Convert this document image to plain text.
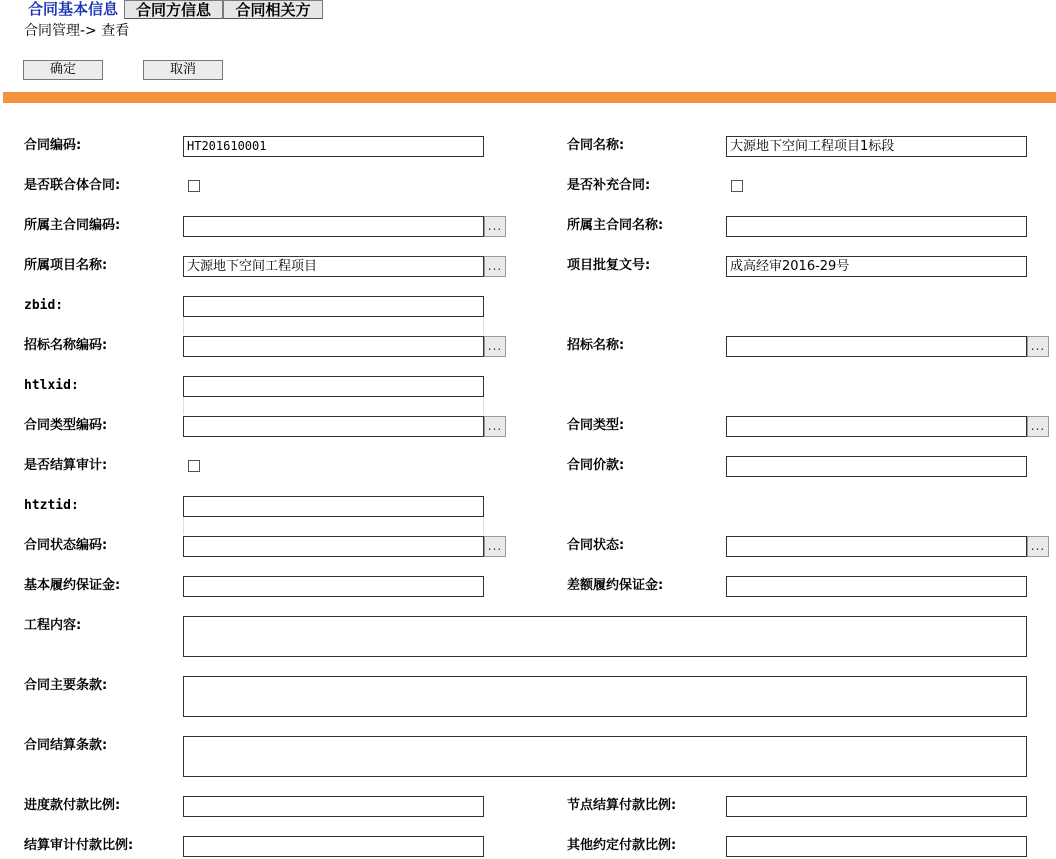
合同基本信息	合同方信息	合同相关方
合同管理-> 查看
确定	取消
合同编码:	HT201610001	合同名称:	大源地下空间工程项目1标段
是否联合体合同:	是否补充合同:
所属主合同编码:	...	所属主合同名称:
所属项目名称:	大源地下空间工程项目	...	项目批复文号:	成高经审2016-29号
zbid:
招标名称编码:	...	招标名称:	...
htlxid:
合同类型编码:	...	合同类型:	...
是否结算审计:	合同价款:
htztid:
合同状态编码:	...	合同状态:	...
基本履约保证金:	差额履约保证金:
工程内容:
合同主要条款:
合同结算条款:
进度款付款比例:	节点结算付款比例:
结算审计付款比例:	其他约定付款比例:
